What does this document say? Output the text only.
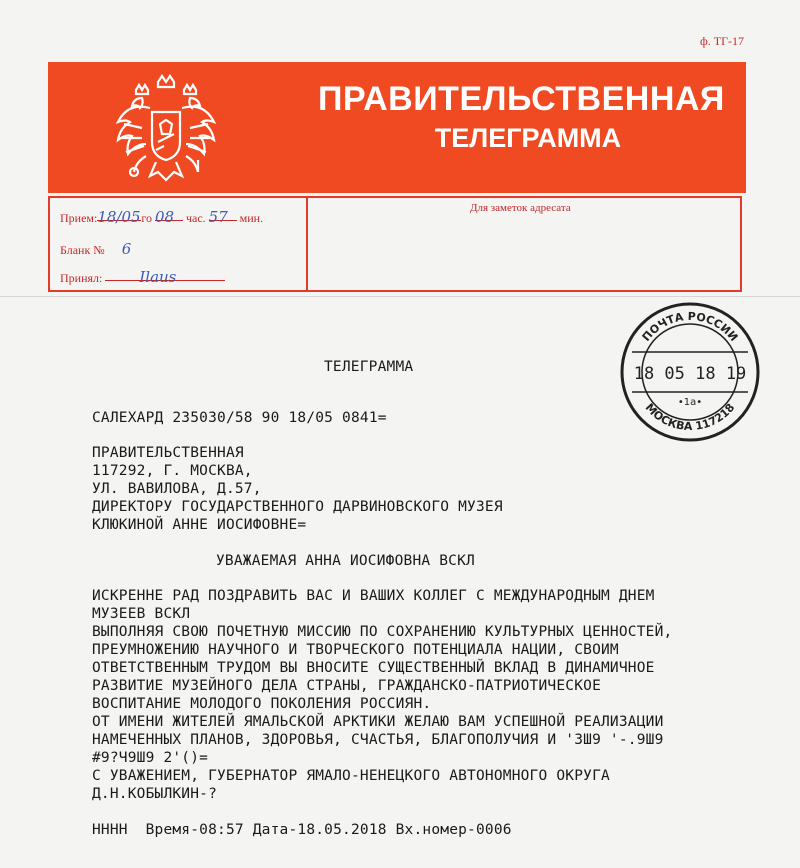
ф. ТГ-17
ПРАВИТЕЛЬСТВЕННАЯ
ТЕЛЕГРАММА
Прием:18/05го 08 час. 57 мин.
Бланк № 6
Принял: Ilaus
Для заметок адресата
ПОЧТА РОССИИ
18 05 18 19
•1а•
МОСКВА 117218
ТЕЛЕГРАММА
САЛЕХАРД 235030/58 90 18/05 0841=
ПРАВИТЕЛЬСТВЕННАЯ
117292, Г. МОСКВА,
УЛ. ВАВИЛОВА, Д.57,
ДИРЕКТОРУ ГОСУДАРСТВЕННОГО ДАРВИНОВСКОГО МУЗЕЯ
КЛЮКИНОЙ АННЕ ИОСИФОВНЕ=
УВАЖАЕМАЯ АННА ИОСИФОВНА ВСКЛ
ИСКРЕННЕ РАД ПОЗДРАВИТЬ ВАС И ВАШИХ КОЛЛЕГ С МЕЖДУНАРОДНЫМ ДНЕМ
МУЗЕЕВ ВСКЛ
ВЫПОЛНЯЯ СВОЮ ПОЧЕТНУЮ МИССИЮ ПО СОХРАНЕНИЮ КУЛЬТУРНЫХ ЦЕННОСТЕЙ,
ПРЕУМНОЖЕНИЮ НАУЧНОГО И ТВОРЧЕСКОГО ПОТЕНЦИАЛА НАЦИИ, СВОИМ
ОТВЕТСТВЕННЫМ ТРУДОМ ВЫ ВНОСИТЕ СУЩЕСТВЕННЫЙ ВКЛАД В ДИНАМИЧНОЕ
РАЗВИТИЕ МУЗЕЙНОГО ДЕЛА СТРАНЫ, ГРАЖДАНСКО-ПАТРИОТИЧЕСКОЕ
ВОСПИТАНИЕ МОЛОДОГО ПОКОЛЕНИЯ РОССИЯН.
ОТ ИМЕНИ ЖИТЕЛЕЙ ЯМАЛЬСКОЙ АРКТИКИ ЖЕЛАЮ ВАМ УСПЕШНОЙ РЕАЛИЗАЦИИ
НАМЕЧЕННЫХ ПЛАНОВ, ЗДОРОВЬЯ, СЧАСТЬЯ, БЛАГОПОЛУЧИЯ И 'ЗШ9 '-.9Ш9
#9?Ч9Ш9 2'()=
С УВАЖЕНИЕМ, ГУБЕРНАТОР ЯМАЛО-НЕНЕЦКОГО АВТОНОМНОГО ОКРУГА
Д.Н.КОБЫЛКИН-?
НННН  Время-08:57 Дата-18.05.2018 Вх.номер-0006
